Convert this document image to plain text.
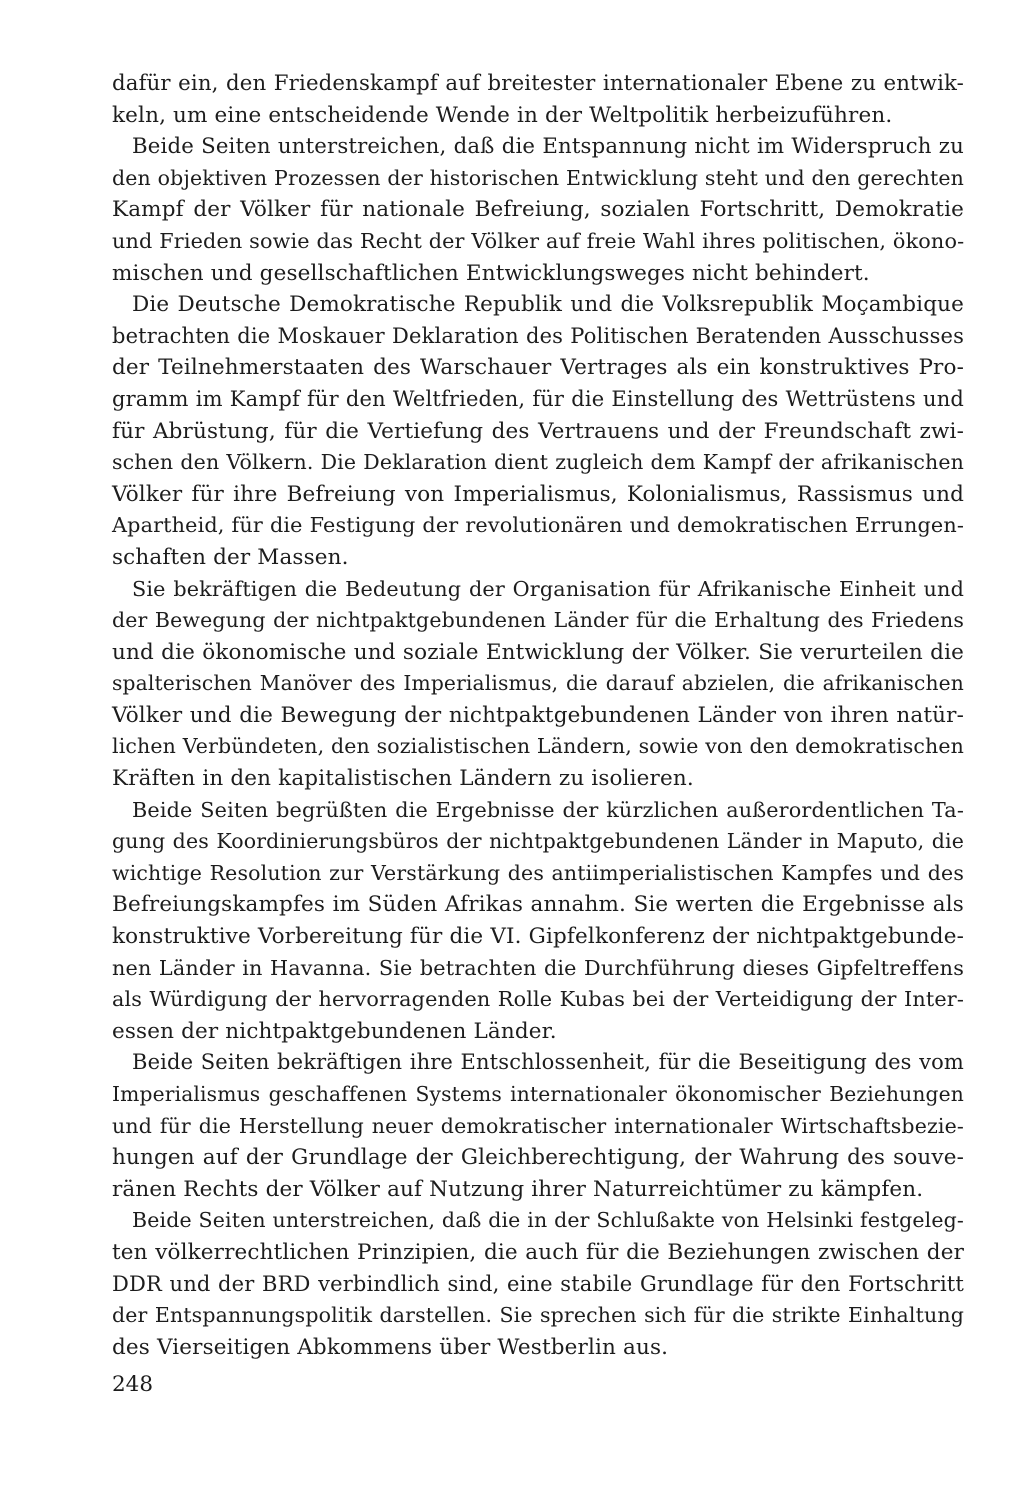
dafür ein, den Friedenskampf auf breitester internationaler Ebene zu entwik-
keln, um eine entscheidende Wende in der Weltpolitik herbeizuführen.
Beide Seiten unterstreichen, daß die Entspannung nicht im Widerspruch zu
den objektiven Prozessen der historischen Entwicklung steht und den gerechten
Kampf der Völker für nationale Befreiung, sozialen Fortschritt, Demokratie
und Frieden sowie das Recht der Völker auf freie Wahl ihres politischen, ökono-
mischen und gesellschaftlichen Entwicklungsweges nicht behindert.
Die Deutsche Demokratische Republik und die Volksrepublik Moçambique
betrachten die Moskauer Deklaration des Politischen Beratenden Ausschusses
der Teilnehmerstaaten des Warschauer Vertrages als ein konstruktives Pro-
gramm im Kampf für den Weltfrieden, für die Einstellung des Wettrüstens und
für Abrüstung, für die Vertiefung des Vertrauens und der Freundschaft zwi-
schen den Völkern. Die Deklaration dient zugleich dem Kampf der afrikanischen
Völker für ihre Befreiung von Imperialismus, Kolonialismus, Rassismus und
Apartheid, für die Festigung der revolutionären und demokratischen Errungen-
schaften der Massen.
Sie bekräftigen die Bedeutung der Organisation für Afrikanische Einheit und
der Bewegung der nichtpaktgebundenen Länder für die Erhaltung des Friedens
und die ökonomische und soziale Entwicklung der Völker. Sie verurteilen die
spalterischen Manöver des Imperialismus, die darauf abzielen, die afrikanischen
Völker und die Bewegung der nichtpaktgebundenen Länder von ihren natür-
lichen Verbündeten, den sozialistischen Ländern, sowie von den demokratischen
Kräften in den kapitalistischen Ländern zu isolieren.
Beide Seiten begrüßten die Ergebnisse der kürzlichen außerordentlichen Ta-
gung des Koordinierungsbüros der nichtpaktgebundenen Länder in Maputo, die
wichtige Resolution zur Verstärkung des antiimperialistischen Kampfes und des
Befreiungskampfes im Süden Afrikas annahm. Sie werten die Ergebnisse als
konstruktive Vorbereitung für die VI. Gipfelkonferenz der nichtpaktgebunde-
nen Länder in Havanna. Sie betrachten die Durchführung dieses Gipfeltreffens
als Würdigung der hervorragenden Rolle Kubas bei der Verteidigung der Inter-
essen der nichtpaktgebundenen Länder.
Beide Seiten bekräftigen ihre Entschlossenheit, für die Beseitigung des vom
Imperialismus geschaffenen Systems internationaler ökonomischer Beziehungen
und für die Herstellung neuer demokratischer internationaler Wirtschaftsbezie-
hungen auf der Grundlage der Gleichberechtigung, der Wahrung des souve-
ränen Rechts der Völker auf Nutzung ihrer Naturreichtümer zu kämpfen.
Beide Seiten unterstreichen, daß die in der Schlußakte von Helsinki festgeleg-
ten völkerrechtlichen Prinzipien, die auch für die Beziehungen zwischen der
DDR und der BRD verbindlich sind, eine stabile Grundlage für den Fortschritt
der Entspannungspolitik darstellen. Sie sprechen sich für die strikte Einhaltung
des Vierseitigen Abkommens über Westberlin aus.
248
